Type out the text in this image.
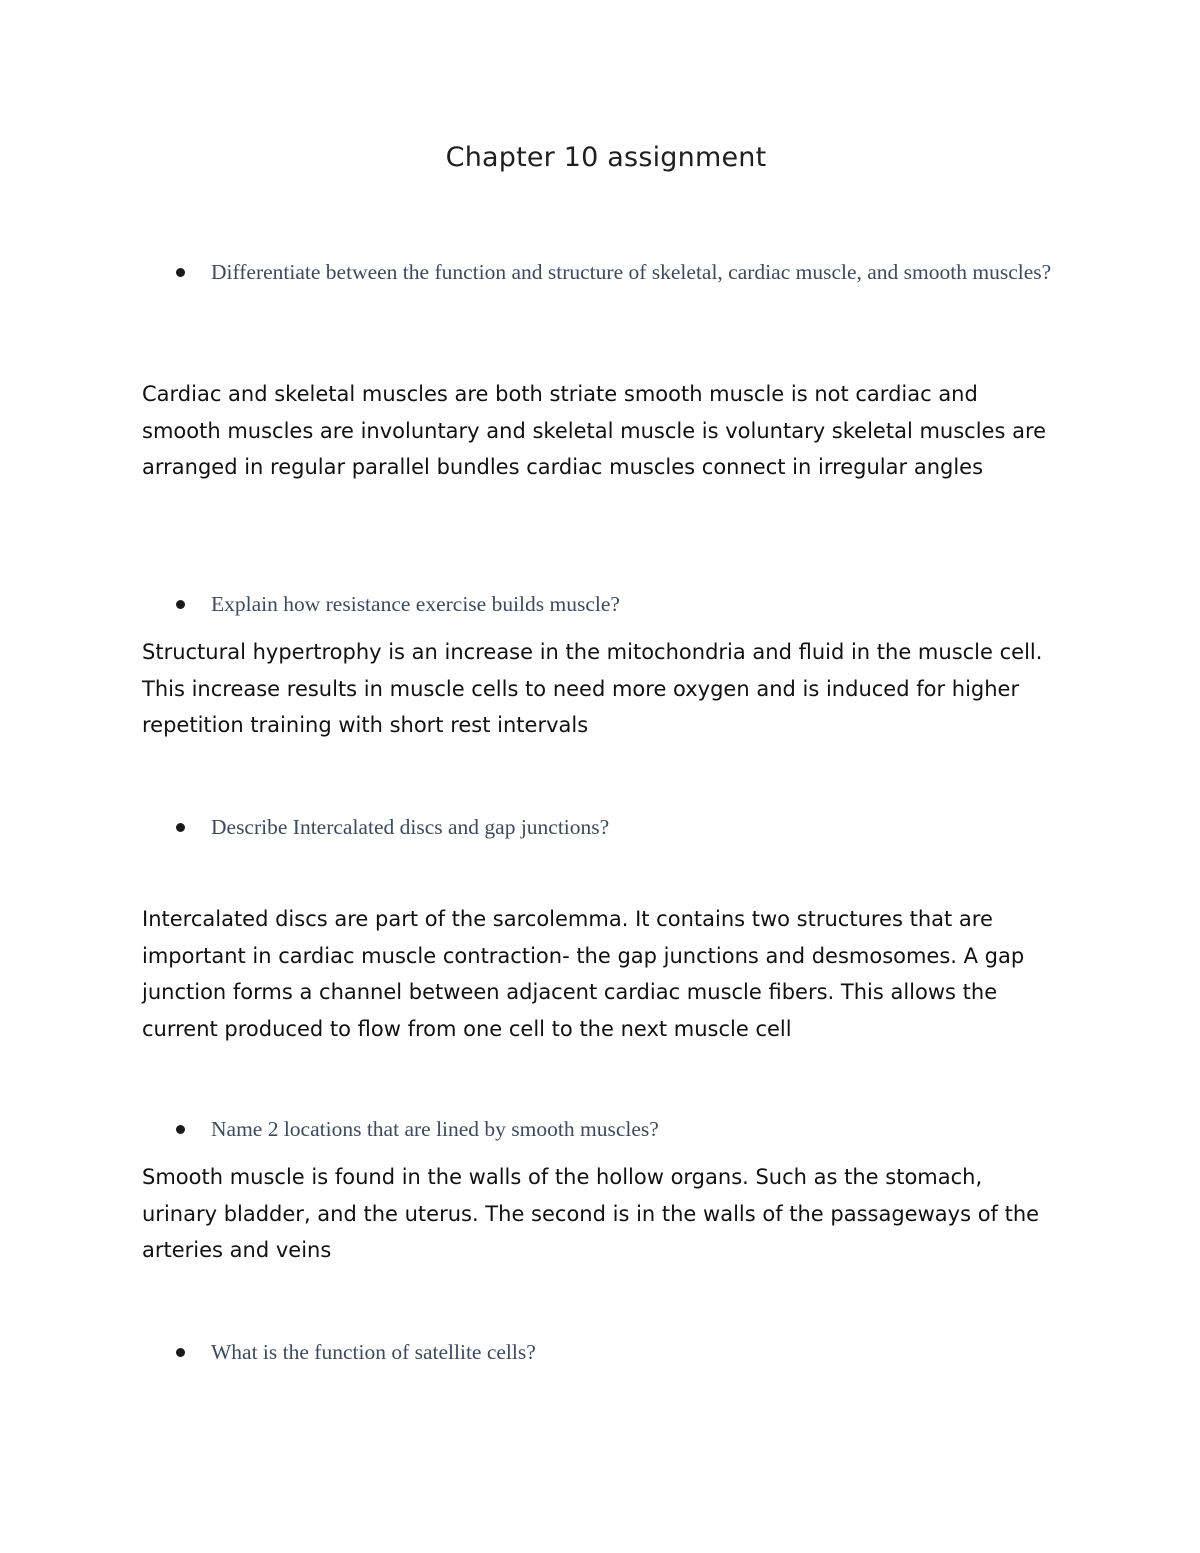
Chapter 10 assignment

Differentiate between the function and structure of skeletal, cardiac muscle, and smooth muscles?

Cardiac and skeletal muscles are both striate smooth muscle is not cardiac and smooth muscles are involuntary and skeletal muscle is voluntary skeletal muscles are arranged in regular parallel bundles cardiac muscles connect in irregular angles

Explain how resistance exercise builds muscle?

Structural hypertrophy is an increase in the mitochondria and fluid in the muscle cell. This increase results in muscle cells to need more oxygen and is induced for higher repetition training with short rest intervals

Describe Intercalated discs and gap junctions?

Intercalated discs are part of the sarcolemma. It contains two structures that are important in cardiac muscle contraction- the gap junctions and desmosomes. A gap junction forms a channel between adjacent cardiac muscle fibers. This allows the current produced to flow from one cell to the next muscle cell

Name 2 locations that are lined by smooth muscles?

Smooth muscle is found in the walls of the hollow organs. Such as the stomach, urinary bladder, and the uterus. The second is in the walls of the passageways of the arteries and veins

What is the function of satellite cells?
